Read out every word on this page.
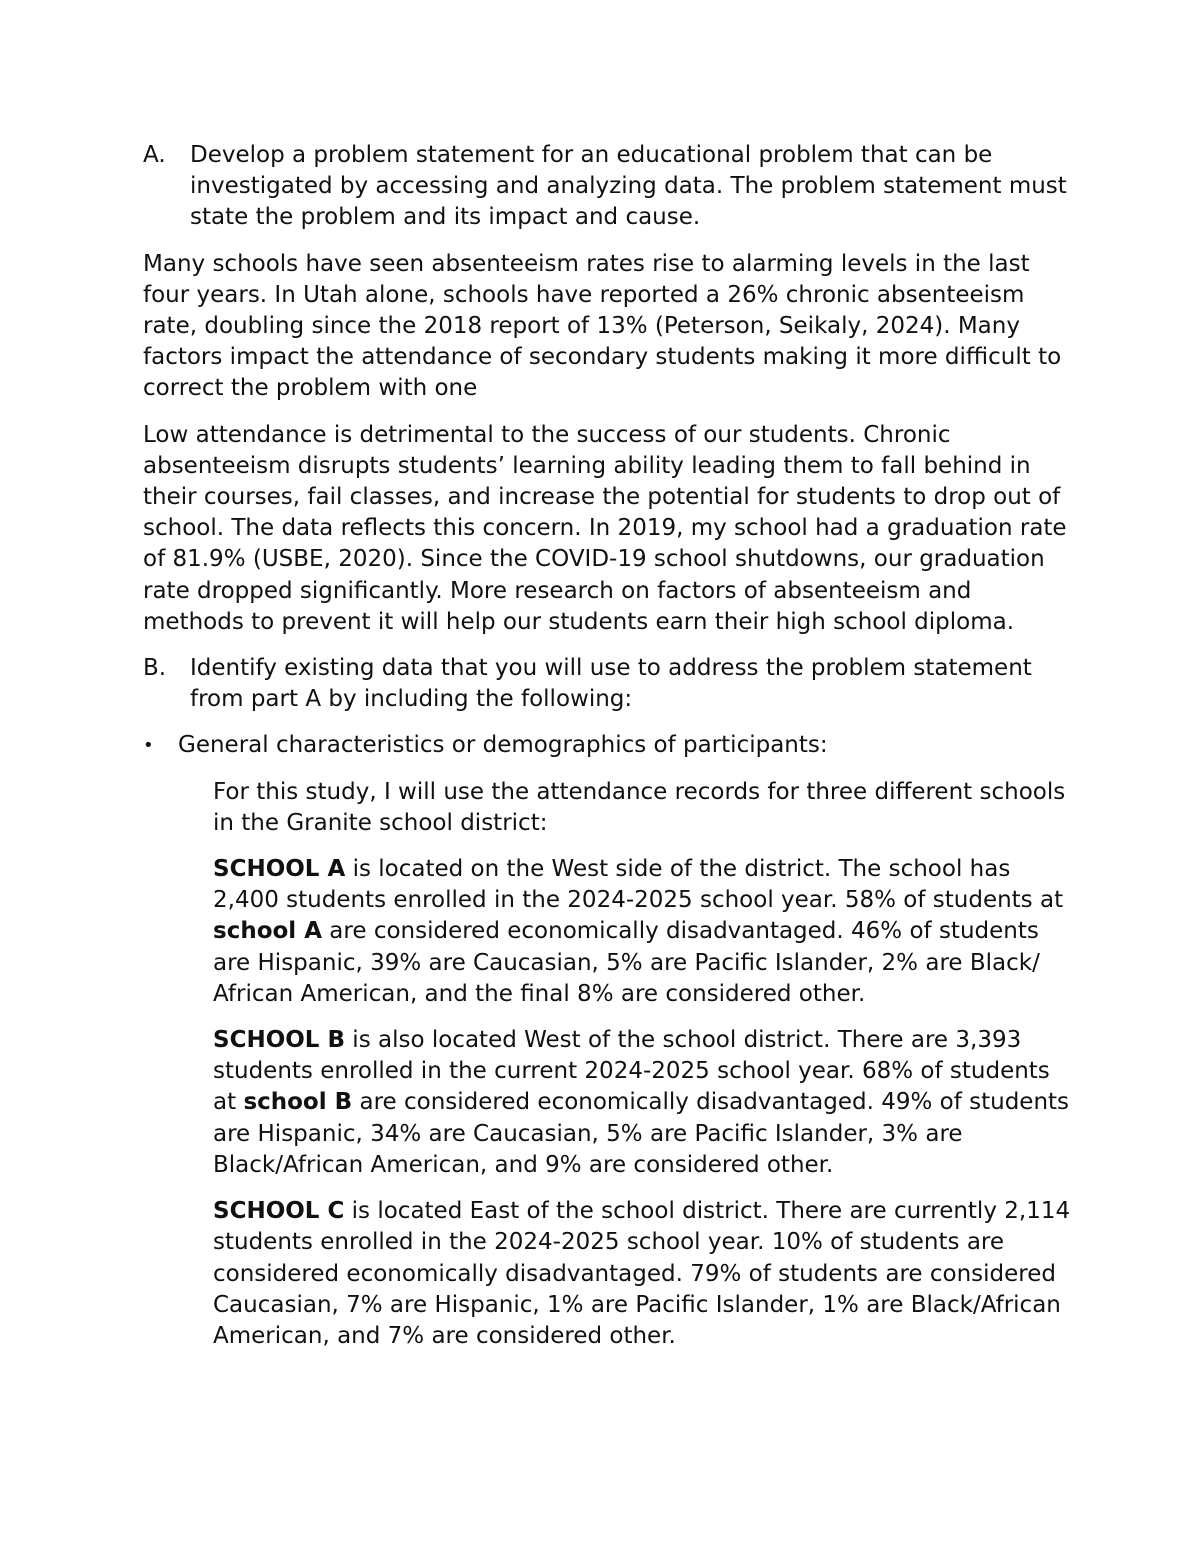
A.	Develop a problem statement for an educational problem that can be investigated by accessing and analyzing data. The problem statement must state the problem and its impact and cause.

Many schools have seen absenteeism rates rise to alarming levels in the last four years. In Utah alone, schools have reported a 26% chronic absenteeism rate, doubling since the 2018 report of 13% (Peterson, Seikaly, 2024). Many factors impact the attendance of secondary students making it more difficult to correct the problem with one

Low attendance is detrimental to the success of our students. Chronic absenteeism disrupts students’ learning ability leading them to fall behind in their courses, fail classes, and increase the potential for students to drop out of school. The data reflects this concern. In 2019, my school had a graduation rate of 81.9% (USBE, 2020). Since the COVID-19 school shutdowns, our graduation rate dropped significantly. More research on factors of absenteeism and methods to prevent it will help our students earn their high school diploma.

B.	Identify existing data that you will use to address the problem statement from part A by including the following:

•	General characteristics or demographics of participants:

For this study, I will use the attendance records for three different schools in the Granite school district:

SCHOOL A is located on the West side of the district. The school has 2,400 students enrolled in the 2024-2025 school year. 58% of students at school A are considered economically disadvantaged. 46% of students are Hispanic, 39% are Caucasian, 5% are Pacific Islander, 2% are Black/ African American, and the final 8% are considered other.

SCHOOL B is also located West of the school district. There are 3,393 students enrolled in the current 2024-2025 school year. 68% of students at school B are considered economically disadvantaged. 49% of students are Hispanic, 34% are Caucasian, 5% are Pacific Islander, 3% are Black/African American, and 9% are considered other.

SCHOOL C is located East of the school district. There are currently 2,114 students enrolled in the 2024-2025 school year. 10% of students are considered economically disadvantaged. 79% of students are considered Caucasian, 7% are Hispanic, 1% are Pacific Islander, 1% are Black/African American, and 7% are considered other.
